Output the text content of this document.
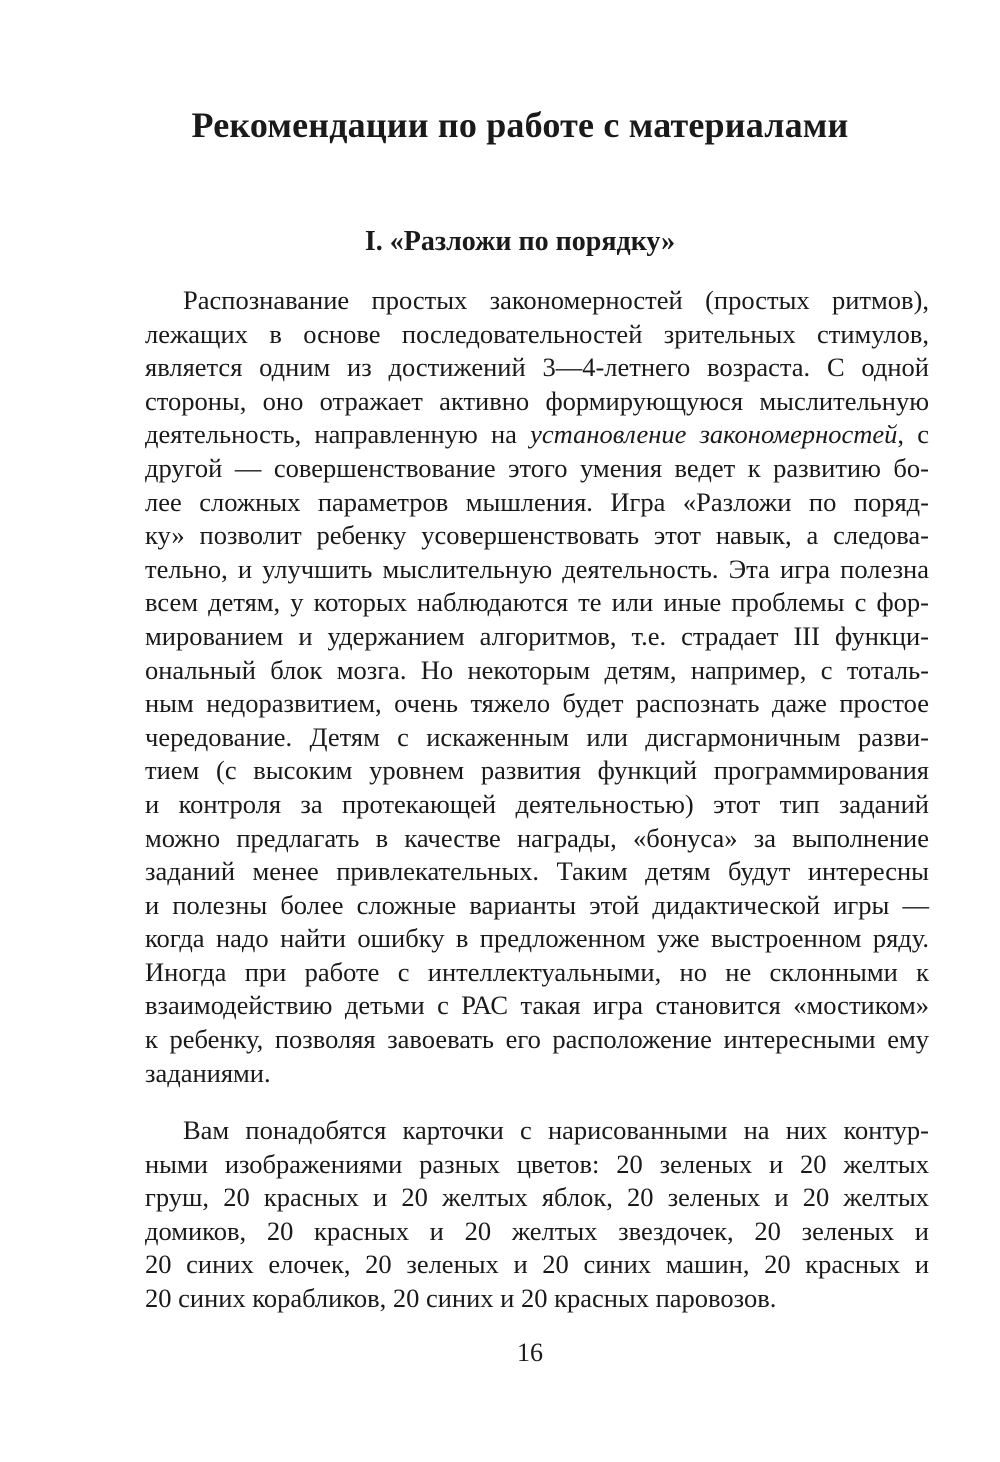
Рекомендации по работе с материалами
I. «Разложи по порядку»
Распознавание простых закономерностей (простых ритмов),
лежащих в основе последовательностей зрительных стимулов,
является одним из достижений 3—4-летнего возраста. С одной
стороны, оно отражает активно формирующуюся мыслительную
деятельность, направленную на установление закономерностей, с
другой — совершенствование этого умения ведет к развитию бо-
лее сложных параметров мышления. Игра «Разложи по поряд-
ку» позволит ребенку усовершенствовать этот навык, а следова-
тельно, и улучшить мыслительную деятельность. Эта игра полезна
всем детям, у которых наблюдаются те или иные проблемы с фор-
мированием и удержанием алгоритмов, т.е. страдает III функци-
ональный блок мозга. Но некоторым детям, например, с тоталь-
ным недоразвитием, очень тяжело будет распознать даже простое
чередование. Детям с искаженным или дисгармоничным разви-
тием (с высоким уровнем развития функций программирования
и контроля за протекающей деятельностью) этот тип заданий
можно предлагать в качестве награды, «бонуса» за выполнение
заданий менее привлекательных. Таким детям будут интересны
и полезны более сложные варианты этой дидактической игры —
когда надо найти ошибку в предложенном уже выстроенном ряду.
Иногда при работе с интеллектуальными, но не склонными к
взаимодействию детьми с РАС такая игра становится «мостиком»
к ребенку, позволяя завоевать его расположение интересными ему
заданиями.
Вам понадобятся карточки с нарисованными на них контур-
ными изображениями разных цветов: 20 зеленых и 20 желтых
груш, 20 красных и 20 желтых яблок, 20 зеленых и 20 желтых
домиков, 20 красных и 20 желтых звездочек, 20 зеленых и
20 синих елочек, 20 зеленых и 20 синих машин, 20 красных и
20 синих корабликов, 20 синих и 20 красных паровозов.
16
